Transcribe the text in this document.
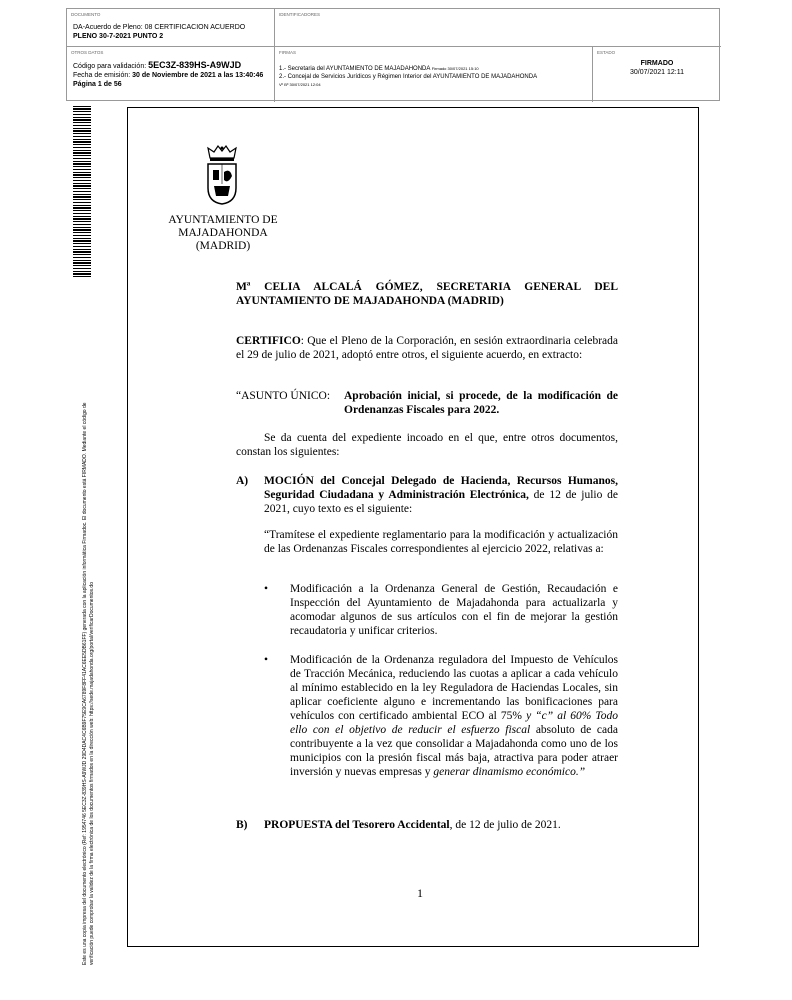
DOCUMENTO
DA-Acuerdo de Pleno: 08 CERTIFICACION ACUERDO
PLENO 30-7-2021 PUNTO 2
IDENTIFICADORES
OTROS DATOS
Código para validación: 5EC3Z-839HS-A9WJD
Fecha de emisión: 30 de Noviembre de 2021 a las 13:40:46
Página 1 de 56
FIRMAS
1.- Secretaria del AYUNTAMIENTO DE MAJADAHONDA Firmado 30/07/2021 15:10
2.- Concejal de Servicios Jurídicos y Régimen Interior del AYUNTAMIENTO DE MAJADAHONDA
Vº Bº 30/07/2021 12:04
ESTADO
FIRMADO
30/07/2021 12:11
Este es una copia impresa del documento electrónico (Ref: 1954746 5EC3Z-839HS-A9WJD 29D4DAC4C6B9F75E9CA6789F8FF41AC6EE5DB61FF) generada con la aplicación informática Firmadoc. El documento está FIRMADO. Mediante el código de verificación puede comprobar la validez de la firma electrónica de los documentos firmados en la dirección web: https://sede.majadahonda.org/portal/verificarDocumentos.do
AYUNTAMIENTO DE
MAJADAHONDA
(MADRID)
Mª CELIA ALCALÁ GÓMEZ, SECRETARIA GENERAL DEL
AYUNTAMIENTO DE MAJADAHONDA (MADRID)
CERTIFICO: Que el Pleno de la Corporación, en sesión extraordinaria celebrada el 29 de julio de 2021, adoptó entre otros, el siguiente acuerdo, en extracto:
“ASUNTO ÚNICO: Aprobación inicial, si procede, de la modificación de
Ordenanzas Fiscales para 2022.
Se da cuenta del expediente incoado en el que, entre otros documentos, constan los siguientes:
A) MOCIÓN del Concejal Delegado de Hacienda, Recursos Humanos, Seguridad Ciudadana y Administración Electrónica, de 12 de julio de 2021, cuyo texto es el siguiente:
“Tramítese el expediente reglamentario para la modificación y actualización de las Ordenanzas Fiscales correspondientes al ejercicio 2022, relativas a:
• Modificación a la Ordenanza General de Gestión, Recaudación e Inspección del Ayuntamiento de Majadahonda para actualizarla y acomodar algunos de sus artículos con el fin de mejorar la gestión recaudatoria y unificar criterios.
• Modificación de la Ordenanza reguladora del Impuesto de Vehículos de Tracción Mecánica, reduciendo las cuotas a aplicar a cada vehículo al mínimo establecido en la ley Reguladora de Haciendas Locales, sin aplicar coeficiente alguno e incrementando las bonificaciones para vehículos con certificado ambiental ECO al 75% y “c” al 60% Todo ello con el objetivo de reducir el esfuerzo fiscal absoluto de cada contribuyente a la vez que consolidar a Majadahonda como uno de los municipios con la presión fiscal más baja, atractiva para poder atraer inversión y nuevas empresas y generar dinamismo económico.”
B) PROPUESTA del Tesorero Accidental, de 12 de julio de 2021.
1
